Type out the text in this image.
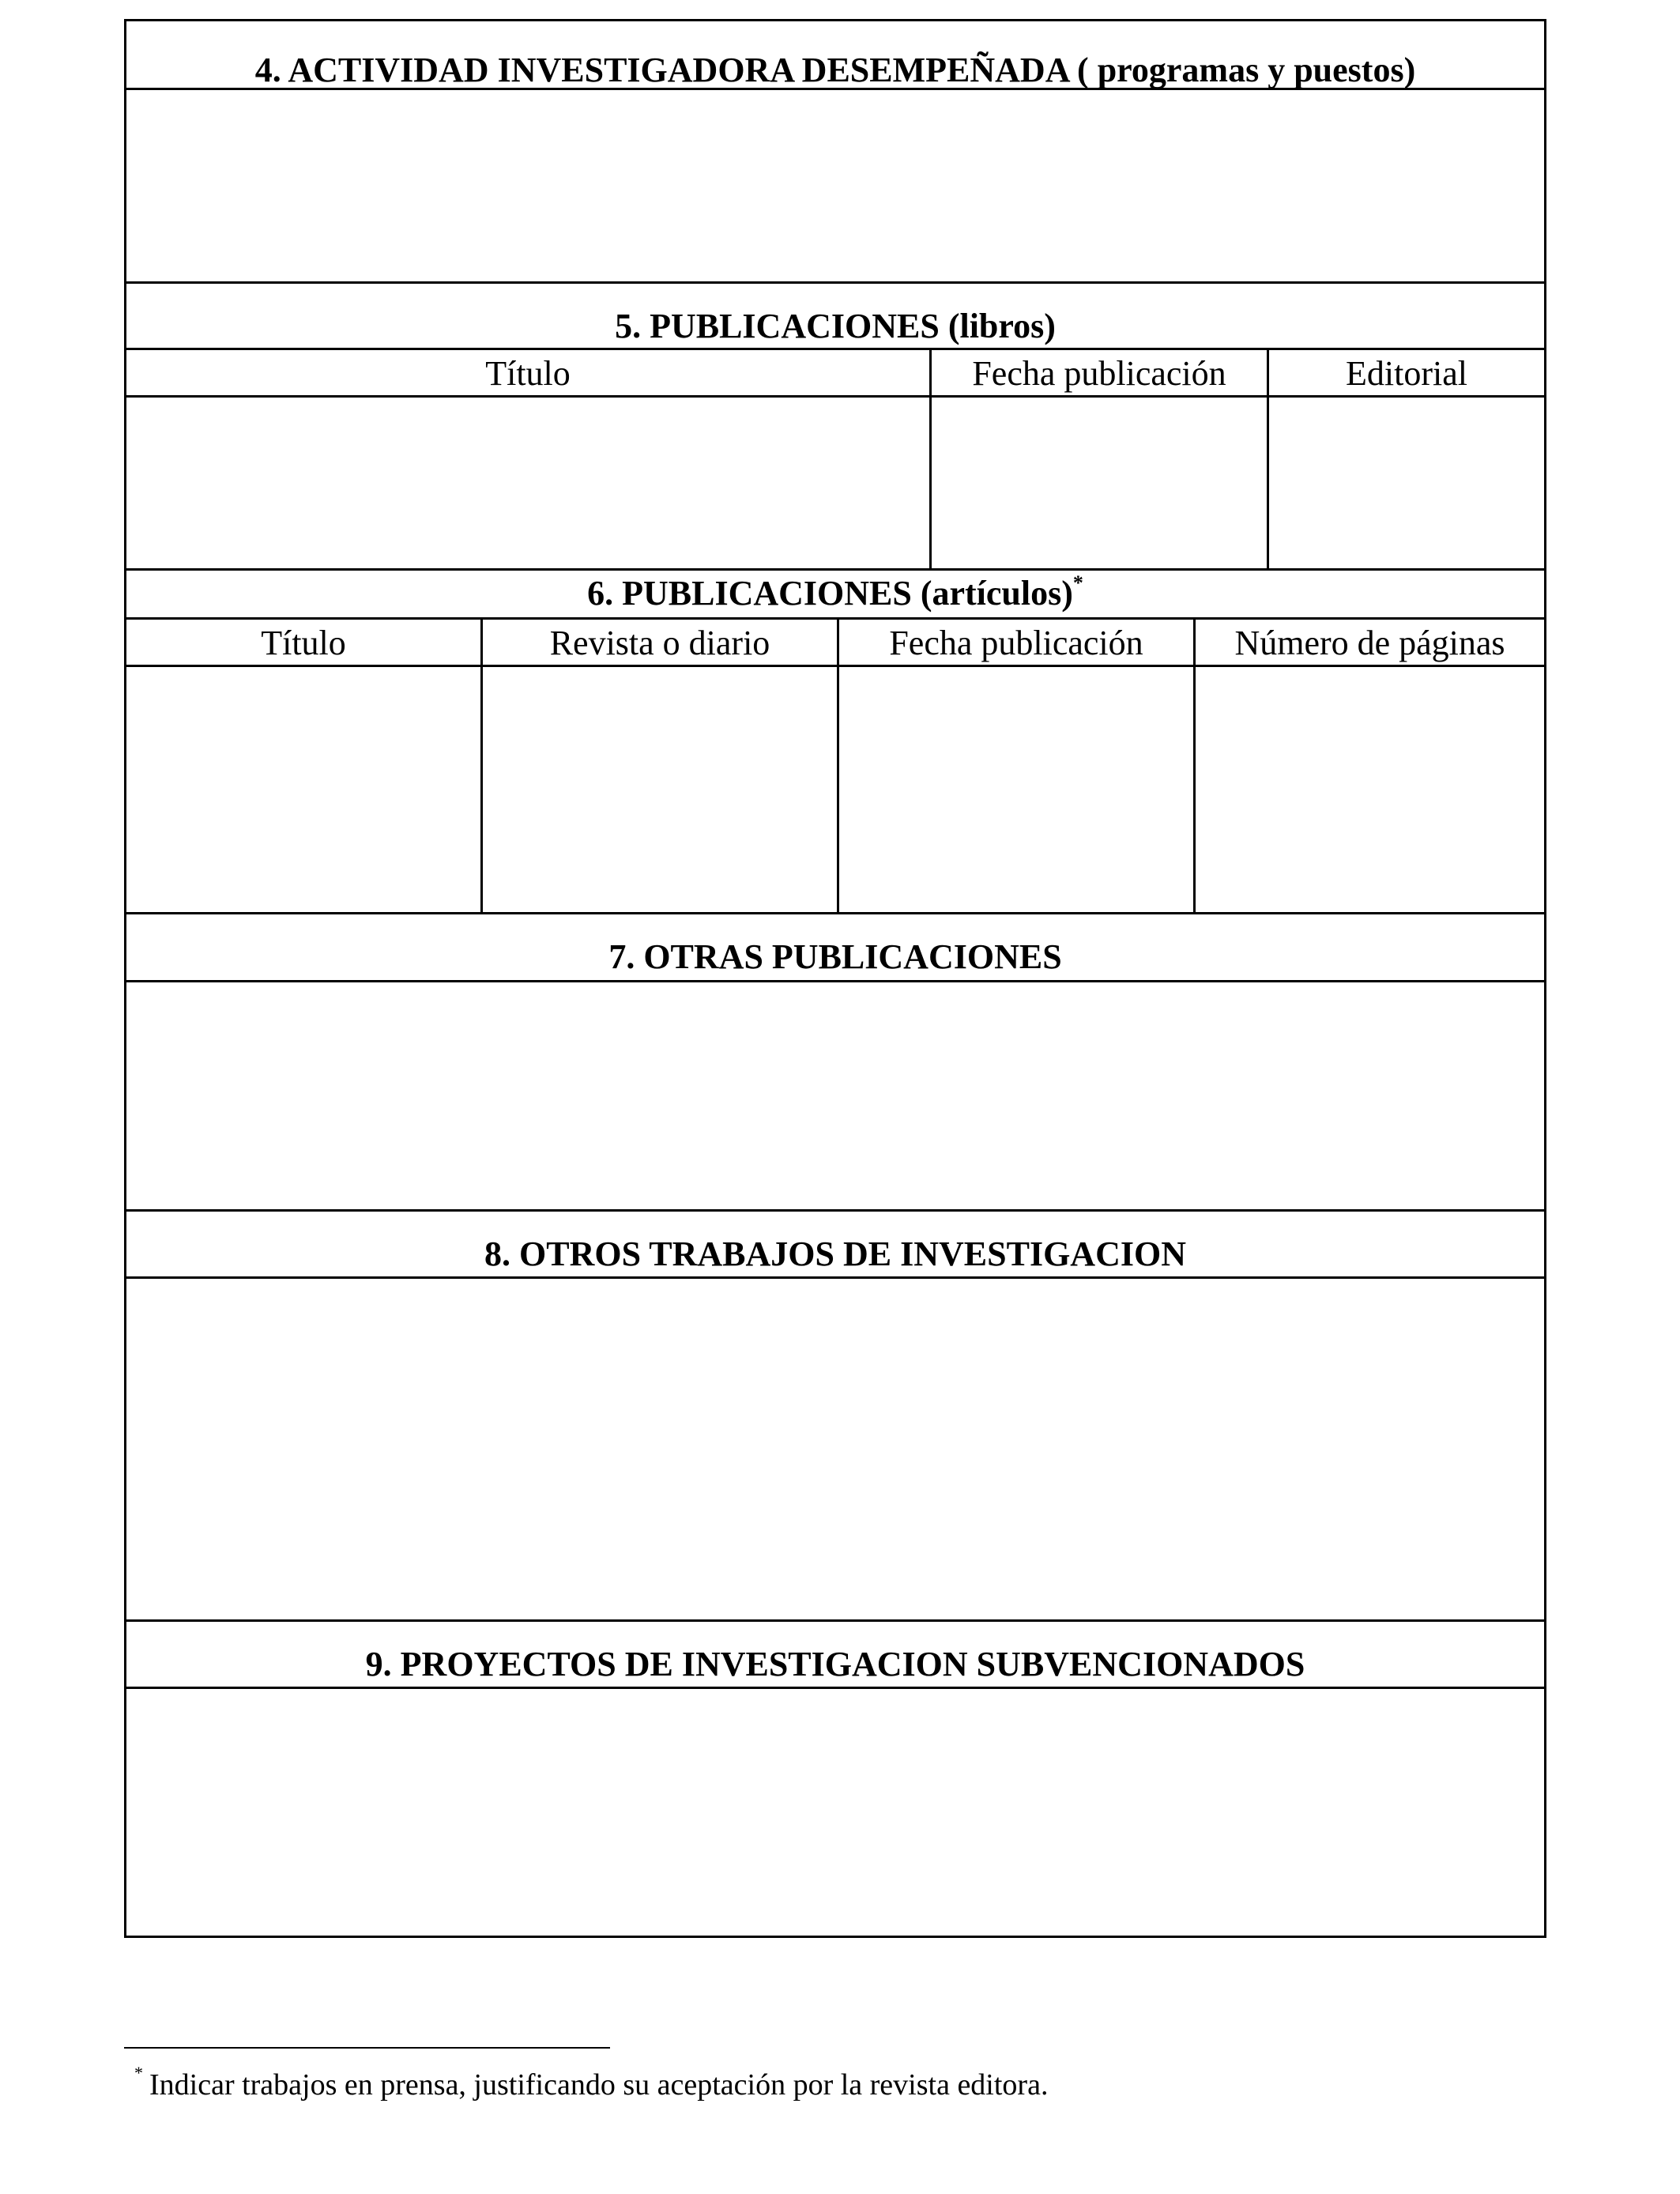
4. ACTIVIDAD INVESTIGADORA DESEMPEÑADA ( programas y puestos)
5. PUBLICACIONES (libros)
Título	Fecha publicación	Editorial
6. PUBLICACIONES (artículos)*
Título	Revista o diario	Fecha publicación	Número de páginas
7. OTRAS PUBLICACIONES
8. OTROS TRABAJOS DE INVESTIGACION
9. PROYECTOS DE INVESTIGACION SUBVENCIONADOS
* Indicar trabajos en prensa, justificando su aceptación por la revista editora.
